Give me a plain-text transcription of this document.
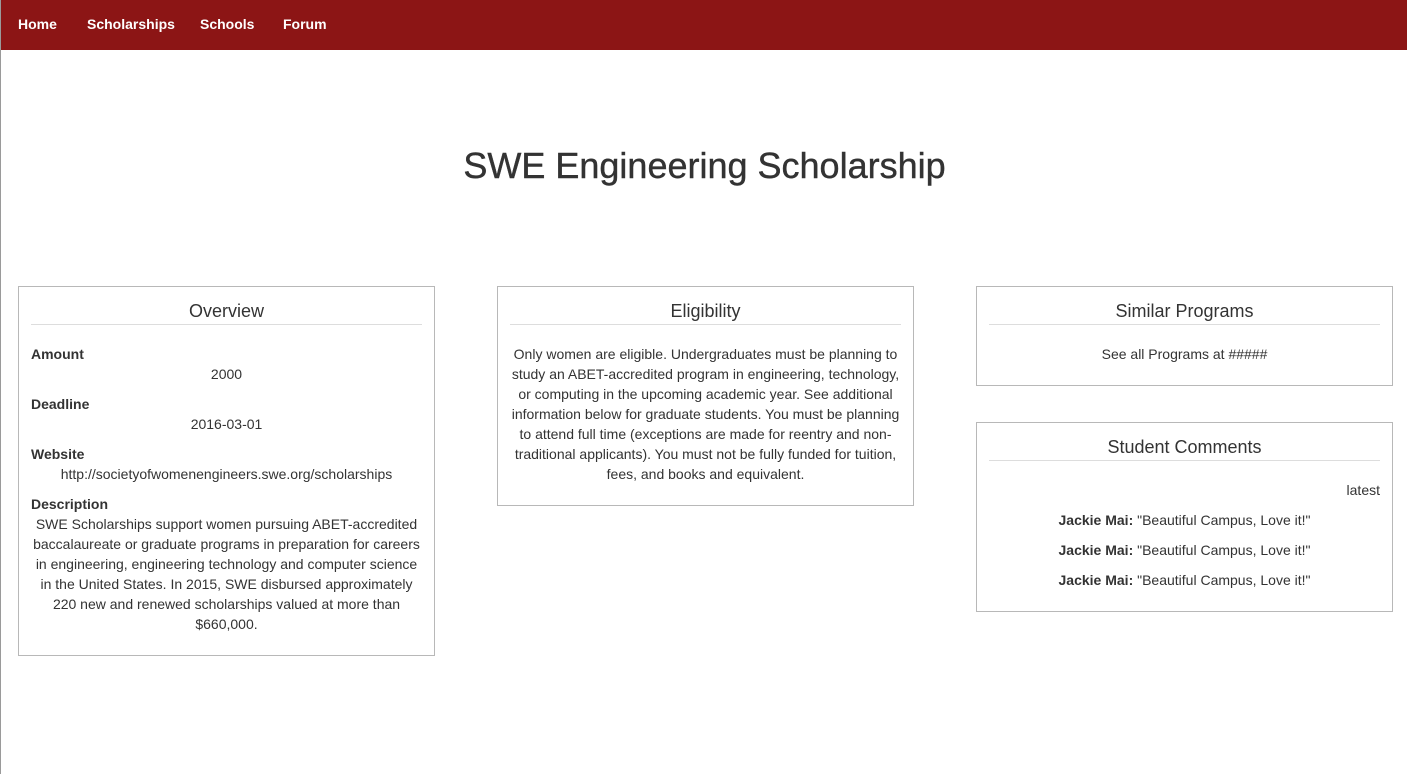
Home Scholarships Schools Forum
SWE Engineering Scholarship
Overview
Amount
2000
Deadline
2016-03-01
Website
http://societyofwomenengineers.swe.org/scholarships
Description
SWE Scholarships support women pursuing ABET-accredited baccalaureate or graduate programs in preparation for careers in engineering, engineering technology and computer science in the United States. In 2015, SWE disbursed approximately 220 new and renewed scholarships valued at more than $660,000.
Eligibility
Only women are eligible. Undergraduates must be planning to study an ABET-accredited program in engineering, technology, or computing in the upcoming academic year. See additional information below for graduate students. You must be planning to attend full time (exceptions are made for reentry and non-traditional applicants). You must not be fully funded for tuition, fees, and books and equivalent.
Similar Programs
See all Programs at #####
Student Comments
latest
Jackie Mai: "Beautiful Campus, Love it!"
Jackie Mai: "Beautiful Campus, Love it!"
Jackie Mai: "Beautiful Campus, Love it!"
